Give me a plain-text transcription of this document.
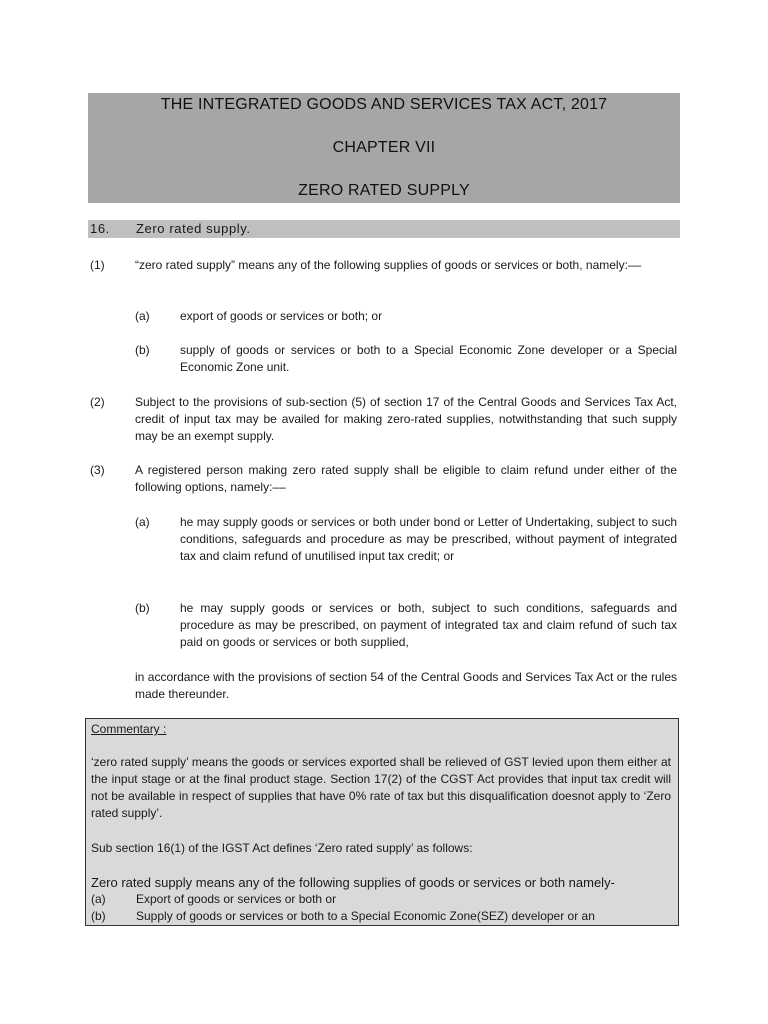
THE INTEGRATED GOODS AND SERVICES TAX ACT, 2017
CHAPTER VII
ZERO RATED SUPPLY
16. Zero rated supply.
(1)	“zero rated supply” means any of the following supplies of goods or services or both, namely:––
(a)	export of goods or services or both; or
(b)	supply of goods or services or both to a Special Economic Zone developer or a Special Economic Zone unit.
(2)	Subject to the provisions of sub-section (5) of section 17 of the Central Goods and Services Tax Act, credit of input tax may be availed for making zero-rated supplies, notwithstanding that such supply may be an exempt supply.
(3)	A registered person making zero rated supply shall be eligible to claim refund under either of the following options, namely:––
(a)	he may supply goods or services or both under bond or Letter of Undertaking, subject to such conditions, safeguards and procedure as may be prescribed, without payment of integrated tax and claim refund of unutilised input tax credit; or
(b)	he may supply goods or services or both, subject to such conditions, safeguards and procedure as may be prescribed, on payment of integrated tax and claim refund of such tax paid on goods or services or both supplied,
in accordance with the provisions of section 54 of the Central Goods and Services Tax Act or the rules made thereunder.
Commentary :
‘zero rated supply’ means the goods or services exported shall be relieved of GST levied upon them either at the input stage or at the final product stage. Section 17(2) of the CGST Act provides that input tax credit will not be available in respect of supplies that have 0% rate of tax but this disqualification doesnot apply to ‘Zero rated supply’.
Sub section 16(1) of the IGST Act defines ‘Zero rated supply’ as follows:
Zero rated supply means any of the following supplies of goods or services or both namely-
(a)	Export of goods or services or both or
(b)	Supply of goods or services or both to a Special Economic Zone(SEZ) developer or an
